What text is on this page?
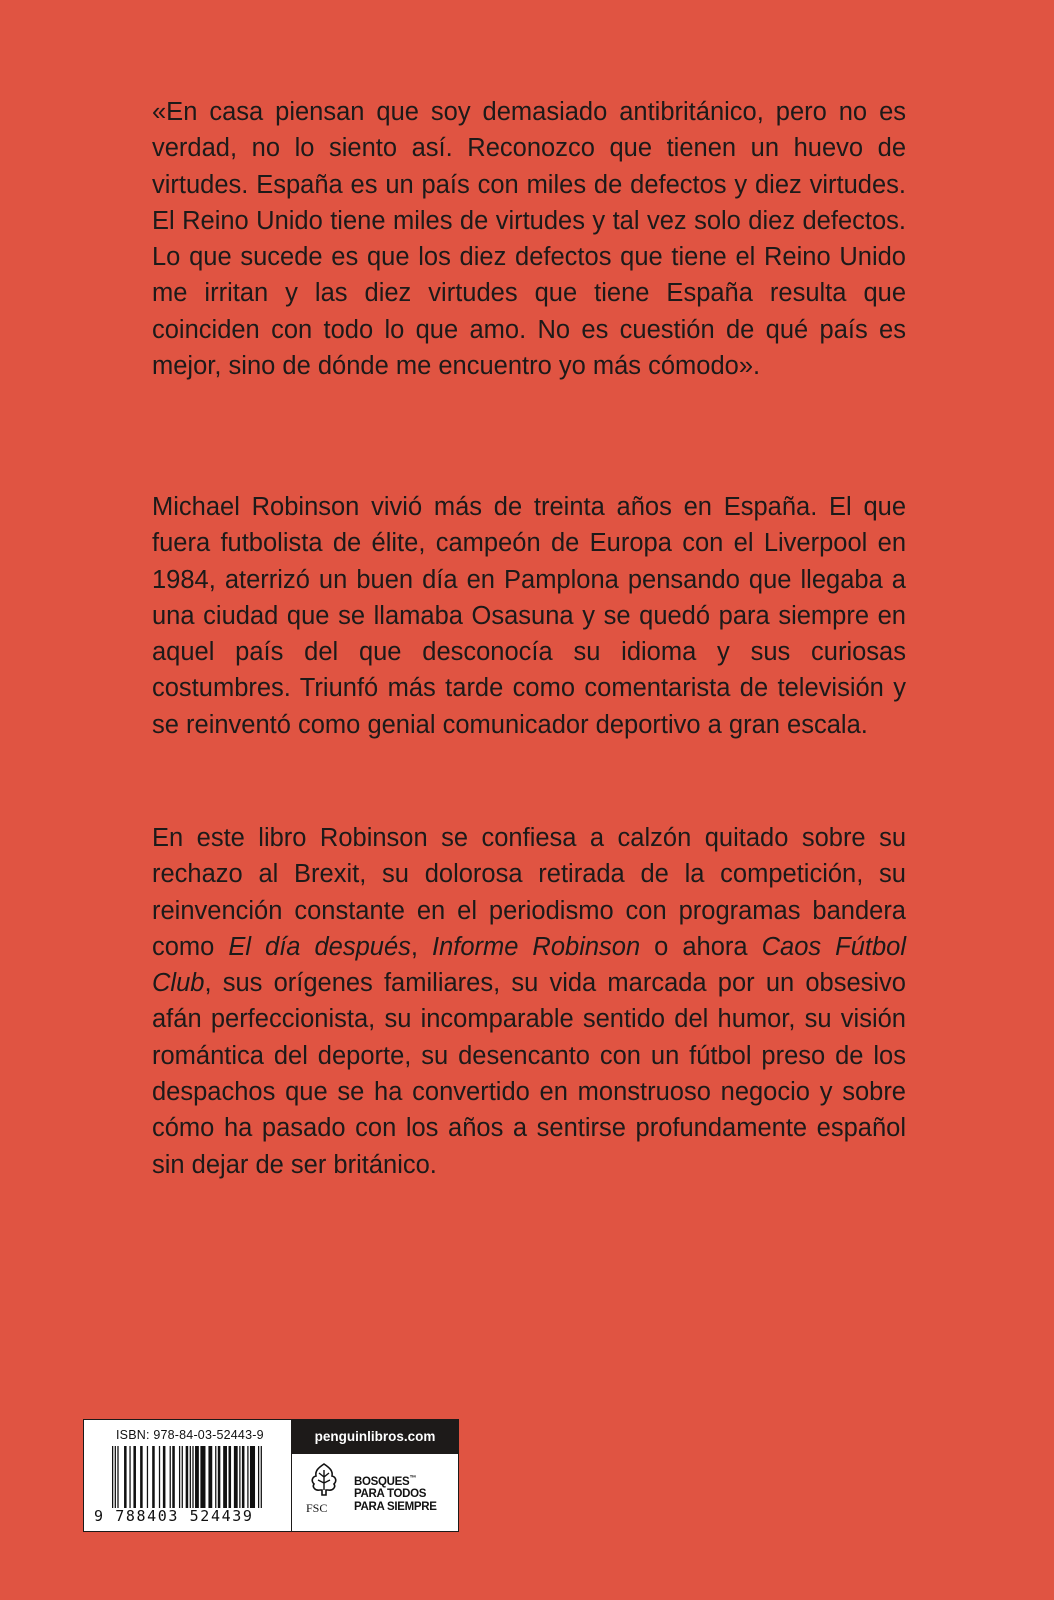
«En casa piensan que soy demasiado antibritánico, pero no es verdad, no lo siento así. Reconozco que tienen un huevo de virtudes. España es un país con miles de defectos y diez virtudes. El Reino Unido tiene miles de virtudes y tal vez solo diez defectos. Lo que sucede es que los diez defectos que tiene el Reino Unido me irritan y las diez virtudes que tiene España resulta que coinciden con todo lo que amo. No es cuestión de qué país es mejor, sino de dónde me encuentro yo más cómodo».

Michael Robinson vivió más de treinta años en España. El que fuera futbolista de élite, campeón de Europa con el Liverpool en 1984, aterrizó un buen día en Pamplona pensando que llegaba a una ciudad que se llamaba Osasuna y se quedó para siempre en aquel país del que desconocía su idioma y sus curiosas costumbres. Triunfó más tarde como comentarista de televisión y se reinventó como genial comunicador deportivo a gran escala.

En este libro Robinson se confiesa a calzón quitado sobre su rechazo al Brexit, su dolorosa retirada de la competición, su reinvención constante en el periodismo con programas bandera como El día después, Informe Robinson o ahora Caos Fútbol Club, sus orígenes familiares, su vida marcada por un obsesivo afán perfeccionista, su incomparable sentido del humor, su visión romántica del deporte, su desencanto con un fútbol preso de los despachos que se ha convertido en monstruoso negocio y sobre cómo ha pasado con los años a sentirse profundamente español sin dejar de ser británico.

ISBN: 978-84-03-52443-9
9 788403 524439
penguinlibros.com
FSC
BOSQUES™
PARA TODOS
PARA SIEMPRE
